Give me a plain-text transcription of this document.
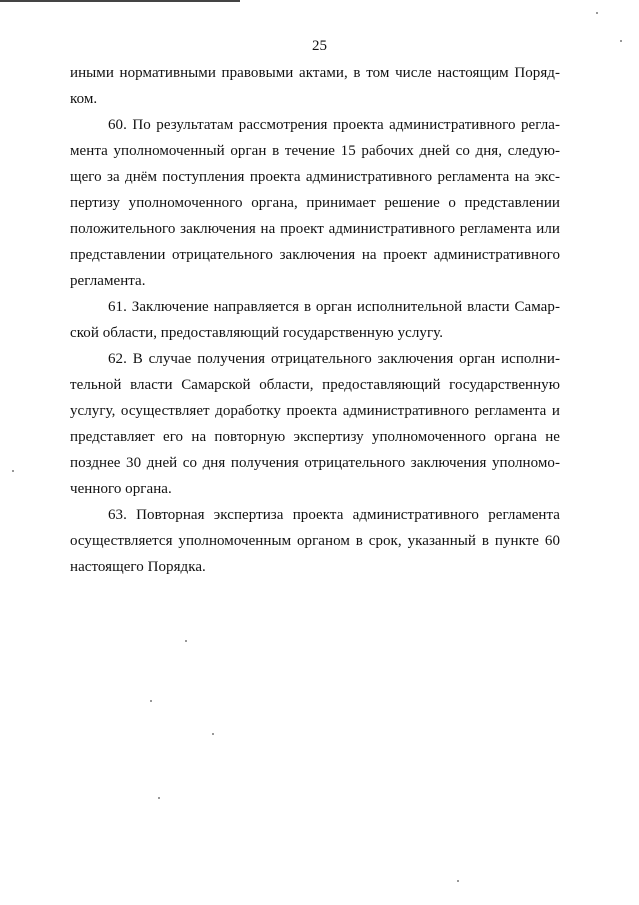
25

иными нормативными правовыми актами, в том числе настоящим Поряд-
ком.

60. По результатам рассмотрения проекта административного регла-
мента уполномоченный орган в течение 15 рабочих дней со дня, следую-
щего за днём поступления проекта административного регламента на экс-
пертизу уполномоченного органа, принимает решение о представлении
положительного заключения на проект административного регламента или
представлении отрицательного заключения на проект административного
регламента.

61. Заключение направляется в орган исполнительной власти Самар-
ской области, предоставляющий государственную услугу.

62. В случае получения отрицательного заключения орган исполни-
тельной власти Самарской области, предоставляющий государственную
услугу, осуществляет доработку проекта административного регламента и
представляет его на повторную экспертизу уполномоченного органа не
позднее 30 дней со дня получения отрицательного заключения уполномо-
ченного органа.

63. Повторная экспертиза проекта административного регламента
осуществляется уполномоченным органом в срок, указанный в пункте 60
настоящего Порядка.
